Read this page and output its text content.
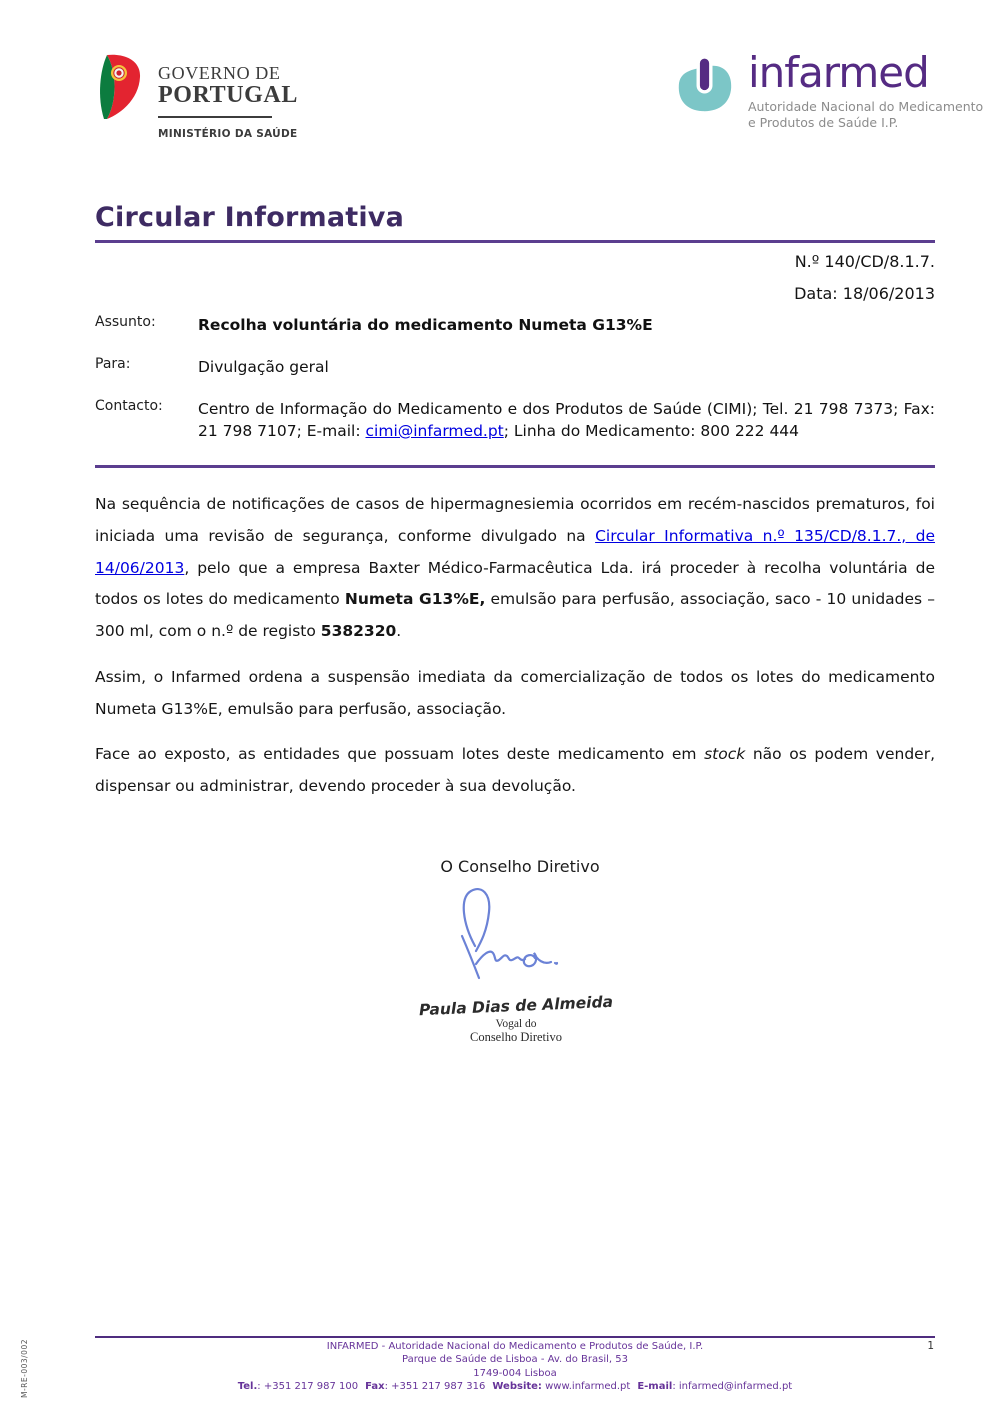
GOVERNO DE
PORTUGAL
MINISTÉRIO DA SAÚDE
infarmed
Autoridade Nacional do Medicamento
e Produtos de Saúde I.P.
Circular Informativa
N.º 140/CD/8.1.7.
Data: 18/06/2013
Assunto:	Recolha voluntária do medicamento Numeta G13%E
Para:	Divulgação geral
Contacto:	Centro de Informação do Medicamento e dos Produtos de Saúde (CIMI); Tel. 21 798 7373; Fax: 21 798 7107; E-mail: cimi@infarmed.pt; Linha do Medicamento: 800 222 444

Na sequência de notificações de casos de hipermagnesiemia ocorridos em recém-nascidos prematuros, foi iniciada uma revisão de segurança, conforme divulgado na Circular Informativa n.º 135/CD/8.1.7., de 14/06/2013, pelo que a empresa Baxter Médico-Farmacêutica Lda. irá proceder à recolha voluntária de todos os lotes do medicamento Numeta G13%E, emulsão para perfusão, associação, saco - 10 unidades – 300 ml, com o n.º de registo 5382320.

Assim, o Infarmed ordena a suspensão imediata da comercialização de todos os lotes do medicamento Numeta G13%E, emulsão para perfusão, associação.

Face ao exposto, as entidades que possuam lotes deste medicamento em stock não os podem vender, dispensar ou administrar, devendo proceder à sua devolução.

O Conselho Diretivo
Paula Dias de Almeida
Vogal do
Conselho Diretivo
INFARMED - Autoridade Nacional do Medicamento e Produtos de Saúde, I.P.
Parque de Saúde de Lisboa - Av. do Brasil, 53
1749-004 Lisboa
Tel.: +351 217 987 100 Fax: +351 217 987 316 Website: www.infarmed.pt E-mail: infarmed@infarmed.pt
1
M-RE-003/002
